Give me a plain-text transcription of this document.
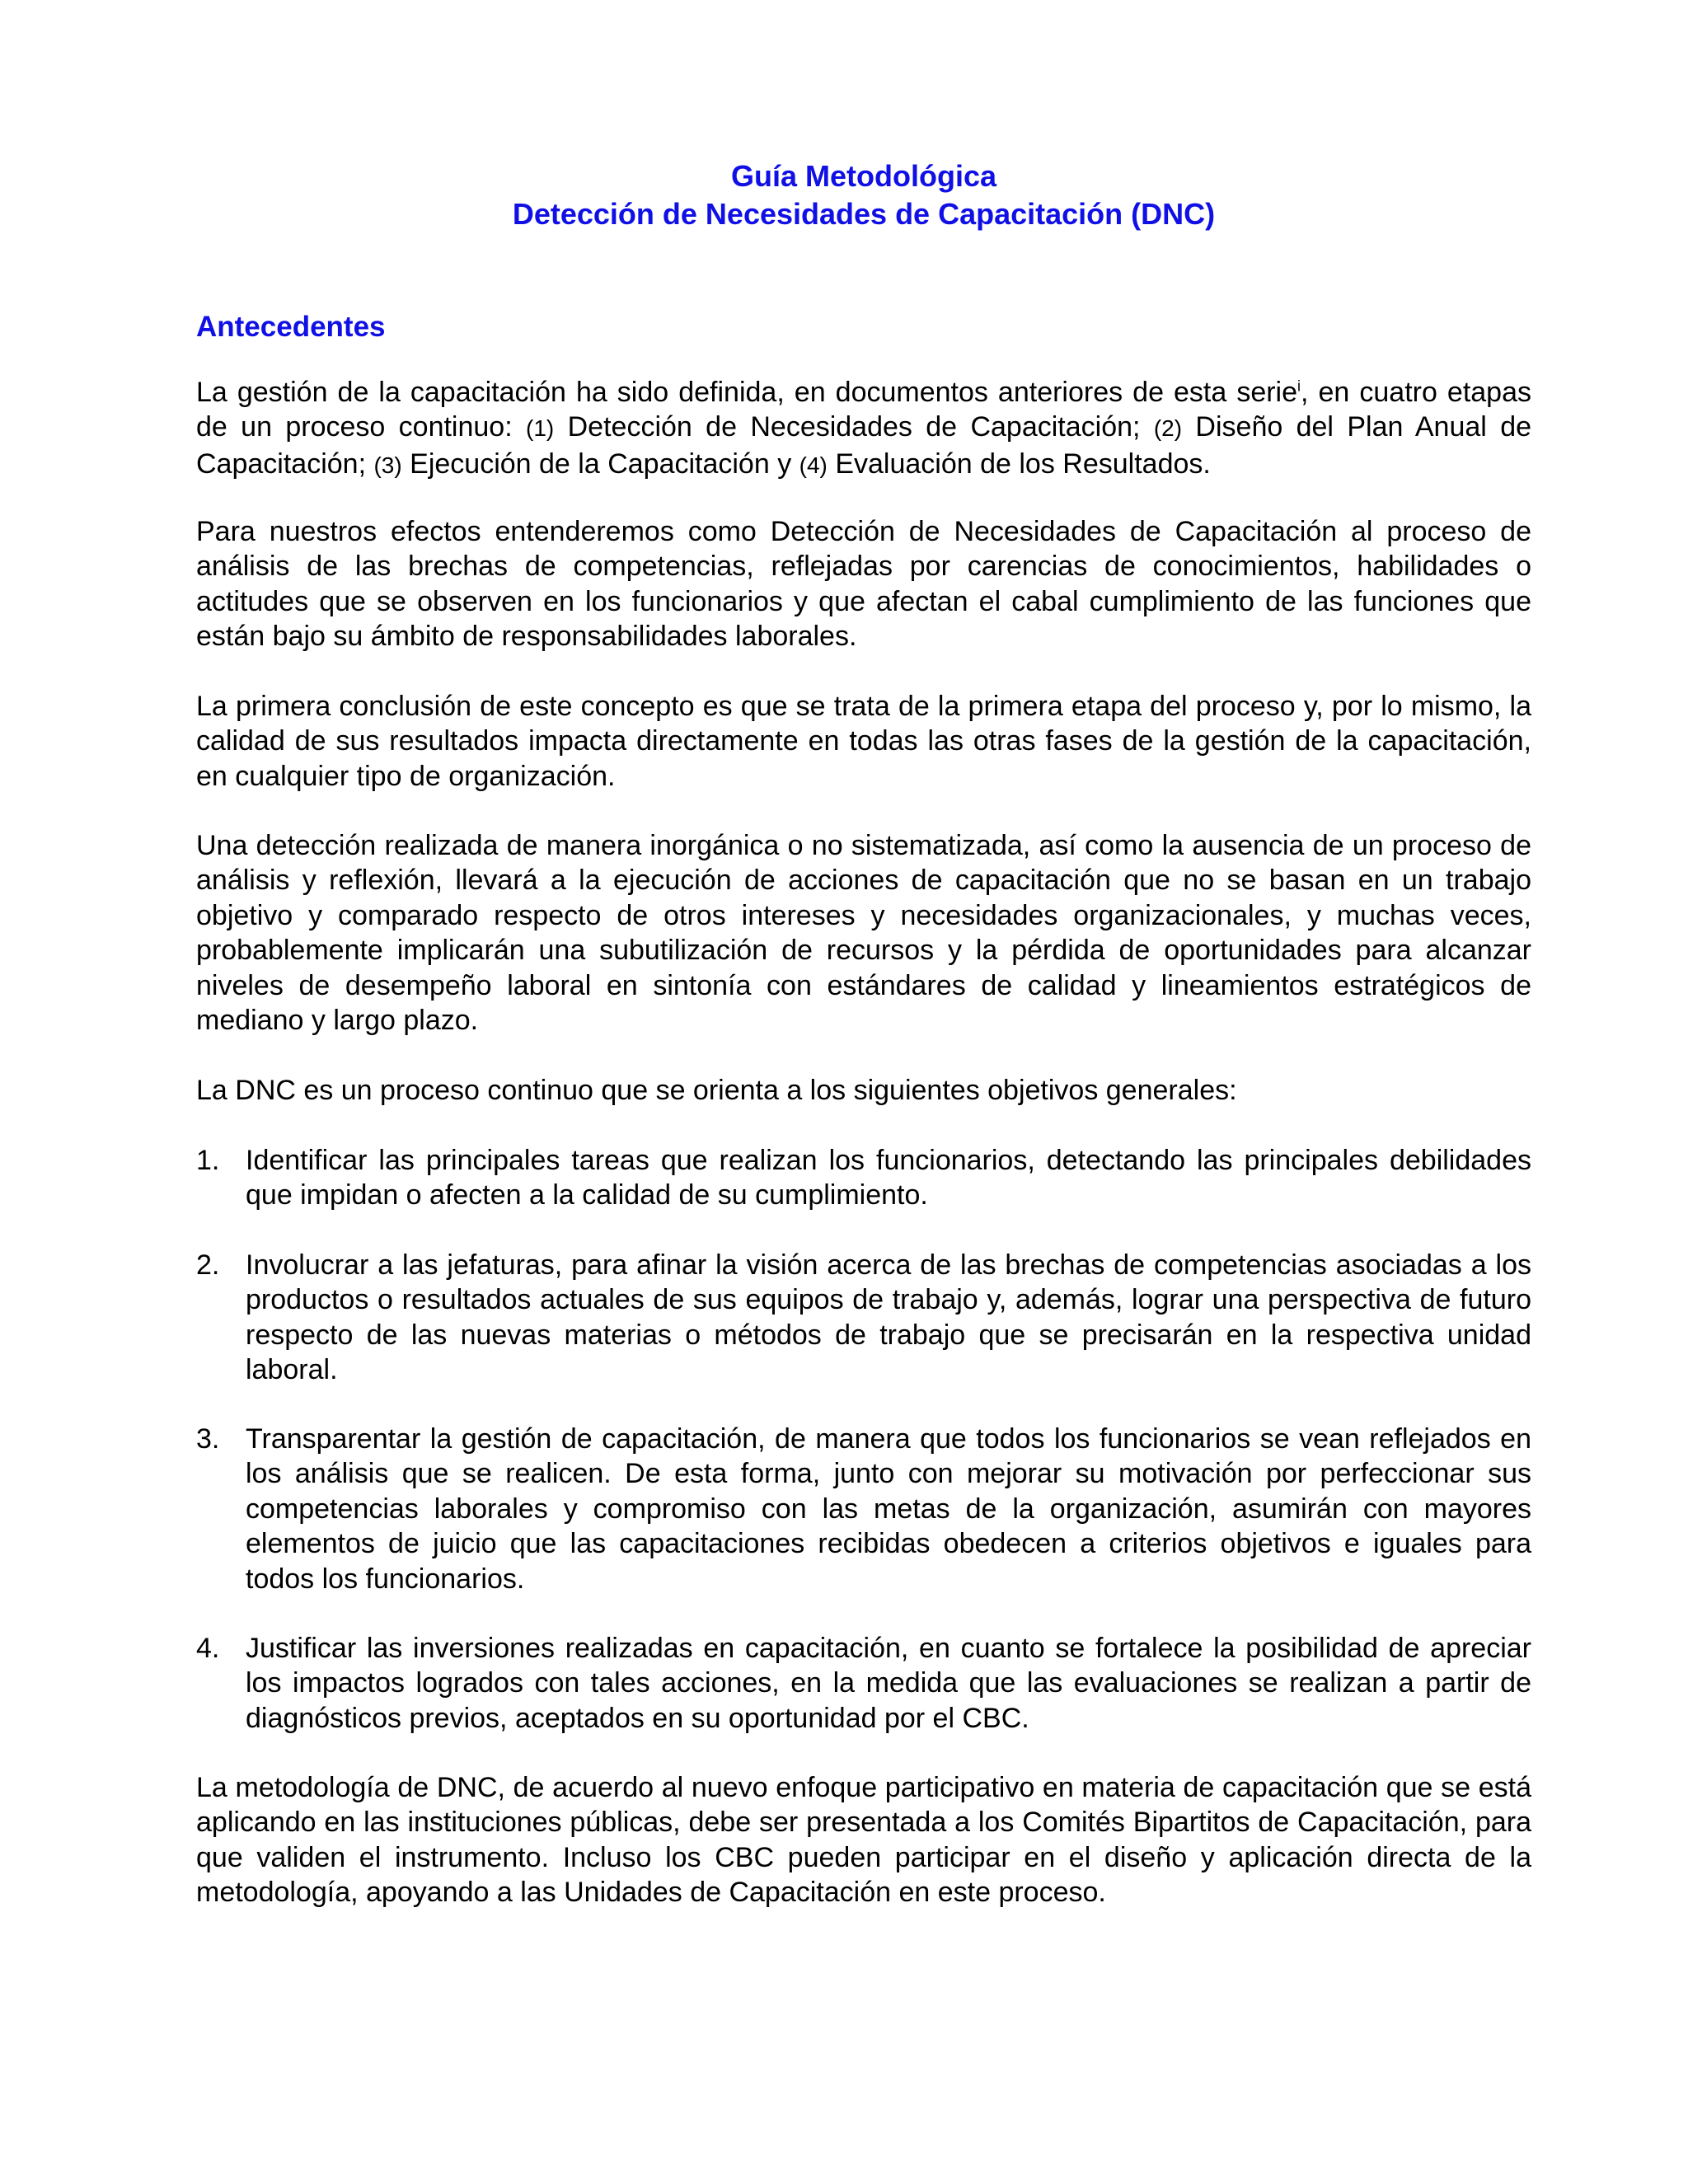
Guía Metodológica
Detección de Necesidades de Capacitación (DNC)
Antecedentes

La gestión de la capacitación ha sido definida, en documentos anteriores de esta serie$^i$, en cuatro etapas de un proceso continuo: (1) Detección de Necesidades de Capacitación; (2) Diseño del Plan Anual de Capacitación; (3) Ejecución de la Capacitación y (4) Evaluación de los Resultados.

Para nuestros efectos entenderemos como Detección de Necesidades de Capacitación al proceso de análisis de las brechas de competencias, reflejadas por carencias de conocimientos, habilidades o actitudes que se observen en los funcionarios y que afectan el cabal cumplimiento de las funciones que están bajo su ámbito de responsabilidades laborales.

La primera conclusión de este concepto es que se trata de la primera etapa del proceso y, por lo mismo, la calidad de sus resultados impacta directamente en todas las otras fases de la gestión de la capacitación, en cualquier tipo de organización.

Una detección realizada de manera inorgánica o no sistematizada, así como la ausencia de un proceso de análisis y reflexión, llevará a la ejecución de acciones de capacitación que no se basan en un trabajo objetivo y comparado respecto de otros intereses y necesidades organizacionales, y muchas veces, probablemente implicarán una subutilización de recursos y la pérdida de oportunidades para alcanzar niveles de desempeño laboral en sintonía con estándares de calidad y lineamientos estratégicos de mediano y largo plazo.

La DNC es un proceso continuo que se orienta a los siguientes objetivos generales:

1. Identificar las principales tareas que realizan los funcionarios, detectando las principales debilidades que impidan o afecten a la calidad de su cumplimiento.

2. Involucrar a las jefaturas, para afinar la visión acerca de las brechas de competencias asociadas a los productos o resultados actuales de sus equipos de trabajo y, además, lograr una perspectiva de futuro respecto de las nuevas materias o métodos de trabajo que se precisarán en la respectiva unidad laboral.

3. Transparentar la gestión de capacitación, de manera que todos los funcionarios se vean reflejados en los análisis que se realicen. De esta forma, junto con mejorar su motivación por perfeccionar sus competencias laborales y compromiso con las metas de la organización, asumirán con mayores elementos de juicio que las capacitaciones recibidas obedecen a criterios objetivos e iguales para todos los funcionarios.

4. Justificar las inversiones realizadas en capacitación, en cuanto se fortalece la posibilidad de apreciar los impactos logrados con tales acciones, en la medida que las evaluaciones se realizan a partir de diagnósticos previos, aceptados en su oportunidad por el CBC.

La metodología de DNC, de acuerdo al nuevo enfoque participativo en materia de capacitación que se está aplicando en las instituciones públicas, debe ser presentada a los Comités Bipartitos de Capacitación, para que validen el instrumento. Incluso los CBC pueden participar en el diseño y aplicación directa de la metodología, apoyando a las Unidades de Capacitación en este proceso.
